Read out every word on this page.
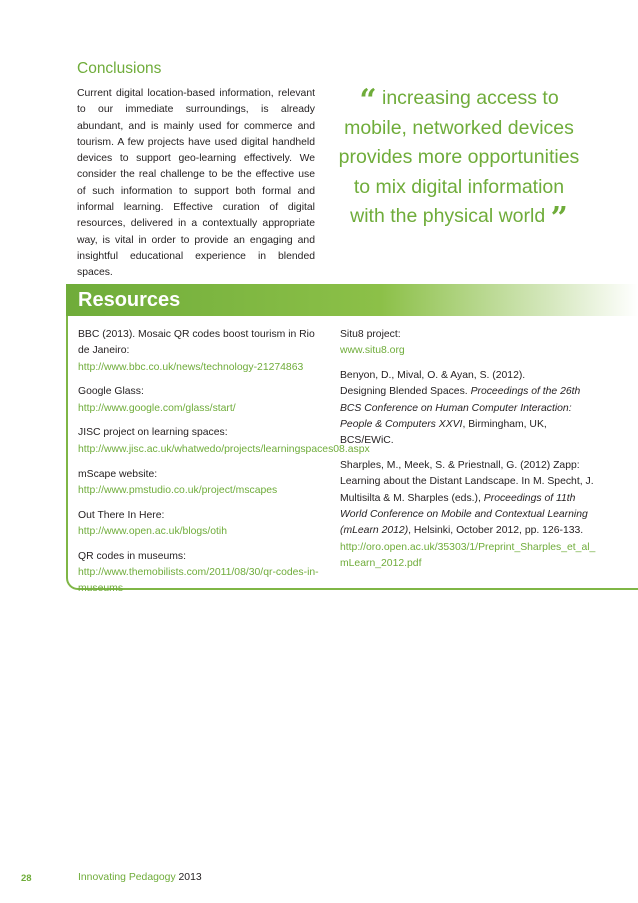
Conclusions

Current digital location-based information, relevant to our immediate surroundings, is already abundant, and is mainly used for commerce and tourism. A few projects have used digital handheld devices to support geo-learning effectively. We consider the real challenge to be the effective use of such information to support both formal and informal learning. Effective curation of digital resources, delivered in a contextually appropriate way, is vital in order to provide an engaging and insightful educational experience in blended spaces.

“ increasing access to mobile, networked devices provides more opportunities to mix digital information with the physical world ”
Resources

BBC (2013). Mosaic QR codes boost tourism in Rio de Janeiro:
http://www.bbc.co.uk/news/technology-21274863

Google Glass:
http://www.google.com/glass/start/

JISC project on learning spaces:
http://www.jisc.ac.uk/whatwedo/projects/learningspaces08.aspx

mScape website:
http://www.pmstudio.co.uk/project/mscapes

Out There In Here:
http://www.open.ac.uk/blogs/otih

QR codes in museums:
http://www.themobilists.com/2011/08/30/qr-codes-in-museums

Situ8 project:
www.situ8.org

Benyon, D., Mival, O. & Ayan, S. (2012).
Designing Blended Spaces. Proceedings of the 26th BCS Conference on Human Computer Interaction: People & Computers XXVI, Birmingham, UK, BCS/EWiC.

Sharples, M., Meek, S. & Priestnall, G. (2012) Zapp: Learning about the Distant Landscape. In M. Specht, J. Multisilta & M. Sharples (eds.), Proceedings of 11th World Conference on Mobile and Contextual Learning (mLearn 2012), Helsinki, October 2012, pp. 126-133.
http://oro.open.ac.uk/35303/1/Preprint_Sharples_et_al_mLearn_2012.pdf

28	Innovating Pedagogy 2013
